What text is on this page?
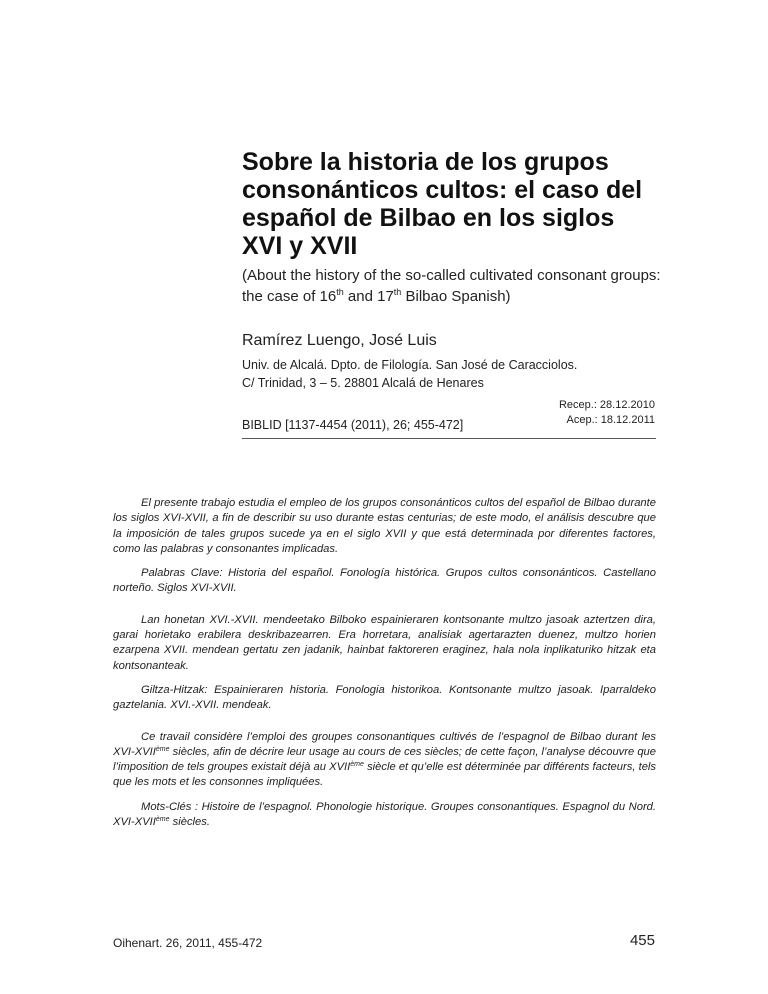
Sobre la historia de los grupos
consonánticos cultos: el caso del
español de Bilbao en los siglos
XVI y XVII

(About the history of the so-called cultivated consonant groups: the case of 16th and 17th Bilbao Spanish)

Ramírez Luengo, José Luis

Univ. de Alcalá. Dpto. de Filología. San José de Caracciolos.
C/ Trinidad, 3 – 5. 28801 Alcalá de Henares
BIBLID [1137-4454 (2011), 26; 455-472]
Recep.: 28.12.2010
Acep.: 18.12.2011

El presente trabajo estudia el empleo de los grupos consonánticos cultos del español de Bilbao durante los siglos XVI-XVII, a fin de describir su uso durante estas centurias; de este modo, el análisis descubre que la imposición de tales grupos sucede ya en el siglo XVII y que está determinada por diferentes factores, como las palabras y consonantes implicadas.

Palabras Clave: Historia del español. Fonología histórica. Grupos cultos consonánticos. Castellano norteño. Siglos XVI-XVII.

Lan honetan XVI.-XVII. mendeetako Bilboko espainieraren kontsonante multzo jasoak aztertzen dira, garai horietako erabilera deskribazearren. Era horretara, analisiak agertarazten duenez, multzo horien ezarpena XVII. mendean gertatu zen jadanik, hainbat faktoreren eraginez, hala nola inplikaturiko hitzak eta kontsonanteak.

Giltza-Hitzak: Espainieraren historia. Fonologia historikoa. Kontsonante multzo jasoak. Iparraldeko gaztelania. XVI.-XVII. mendeak.

Ce travail considère l’emploi des groupes consonantiques cultivés de l’espagnol de Bilbao durant les XVI-XVIIème siècles, afin de décrire leur usage au cours de ces siècles; de cette façon, l’analyse découvre que l’imposition de tels groupes existait déjà au XVIIème siècle et qu’elle est déterminée par différents facteurs, tels que les mots et les consonnes impliquées.

Mots-Clés : Histoire de l’espagnol. Phonologie historique. Groupes consonantiques. Espagnol du Nord. XVI-XVIIème siècles.

Oihenart. 26, 2011, 455-472	455
